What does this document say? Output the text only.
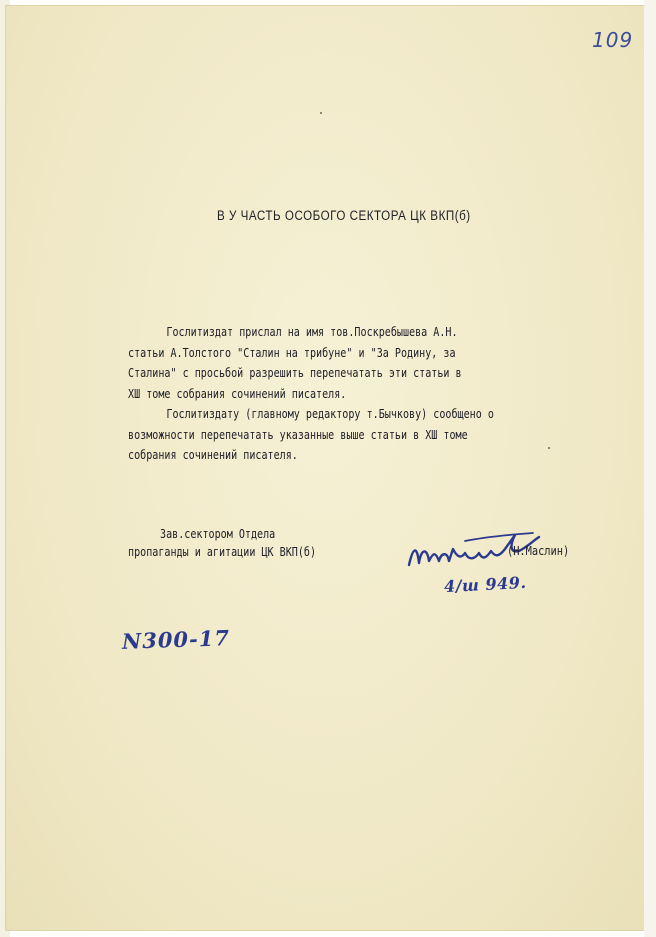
109
В У ЧАСТЬ ОСОБОГО СЕКТОРА ЦК ВКП(б)

Гослитиздат прислал на имя тов.Поскребышева А.Н.

статьи А.Толстого "Сталин на трибуне" и "За Родину, за

Сталина" с просьбой разрешить перепечатать эти статьи в

ХШ томе собрания сочинений писателя.

Гослитиздату (главному редактору т.Бычкову) сообщено о

возможности перепечатать указанные выше статьи в ХШ томе

собрания сочинений писателя.

Зав.сектором Отдела
пропаганды и агитации ЦК ВКП(б)
4/ш 949.
(Н.Маслин)
N300-17
